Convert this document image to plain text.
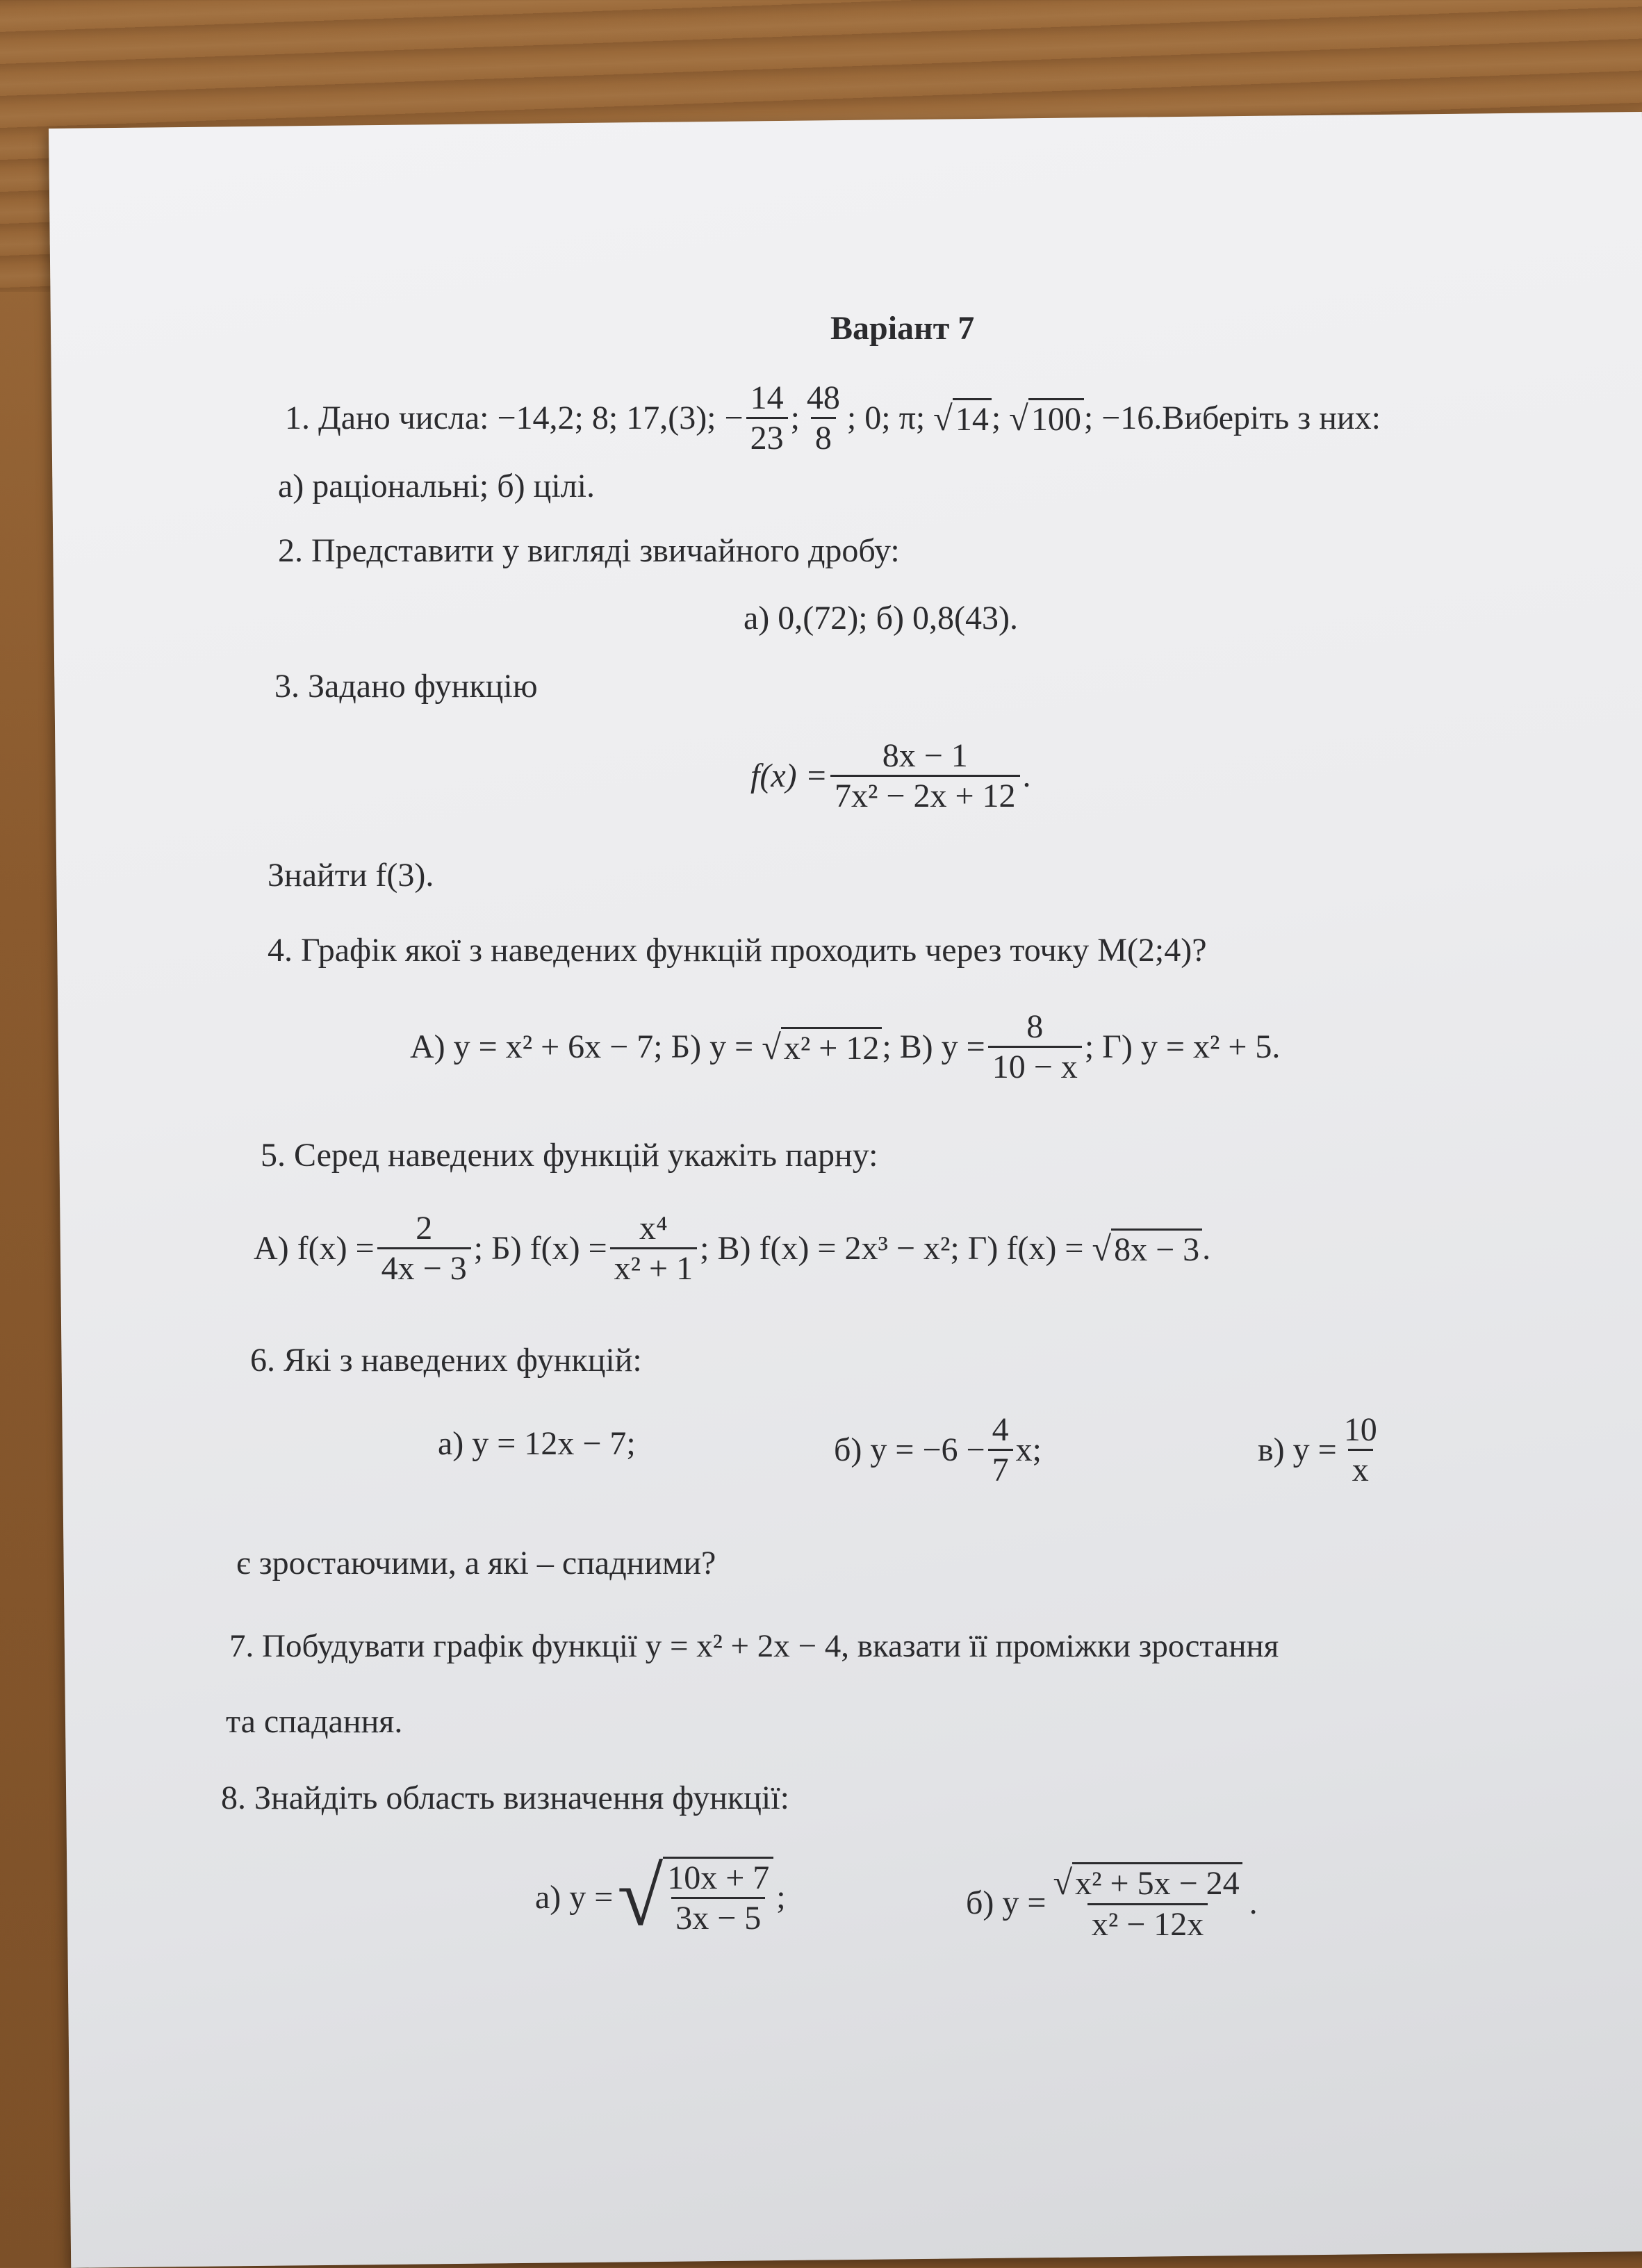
Варіант 7
1. Дано числа: −14,2; 8; 17,(3); − $\frac{14}{23}$ ; $\frac{48}{8}$ ; 0; π; √ 14 ; √ 100 ; −16.Виберіть з них:
а) раціональні; б) цілі.
2. Представити у вигляді звичайного дробу:
а) 0,(72); б) 0,8(43).
3. Задано функцію
$f(x) = \frac{8x - 1}{\text{7x² − 2x + 12}}$ .
Знайти f(3).
4. Графік якої з наведених функцій проходить через точку M(2;4)?
А) y = x² + 6x − 7; Б) y = √ x² + 12 ; В) $y = \frac{8}{10 - x}$ ; Г) y = x² + 5.
5. Серед наведених функцій укажіть парну:
А) $f(x) = \frac{2}{4x - 3}$ ; Б) $f(x) = \frac{\text{x⁴}}{\text{x² + 1}}$ ; В) f(x) = 2x³ − x²; Г) f(x) = √ 8x − 3 .
6. Які з наведених функцій:
а) y = 12x − 7;	б) $y = -6 - \frac{4}{7} x$;	в) $y = \frac{10}{x}$
є зростаючими, а які – спадними?
7. Побудувати графік функції y = x² + 2x − 4, вказати її проміжки зростання
та спадання.
8. Знайдіть область визначення функції:
а) y = √ $\frac{10x + 7}{3x - 5}$ ;	б) $y = \frac{\text{√x² + 5x − 24}}{\text{x² − 12x}}$ .
